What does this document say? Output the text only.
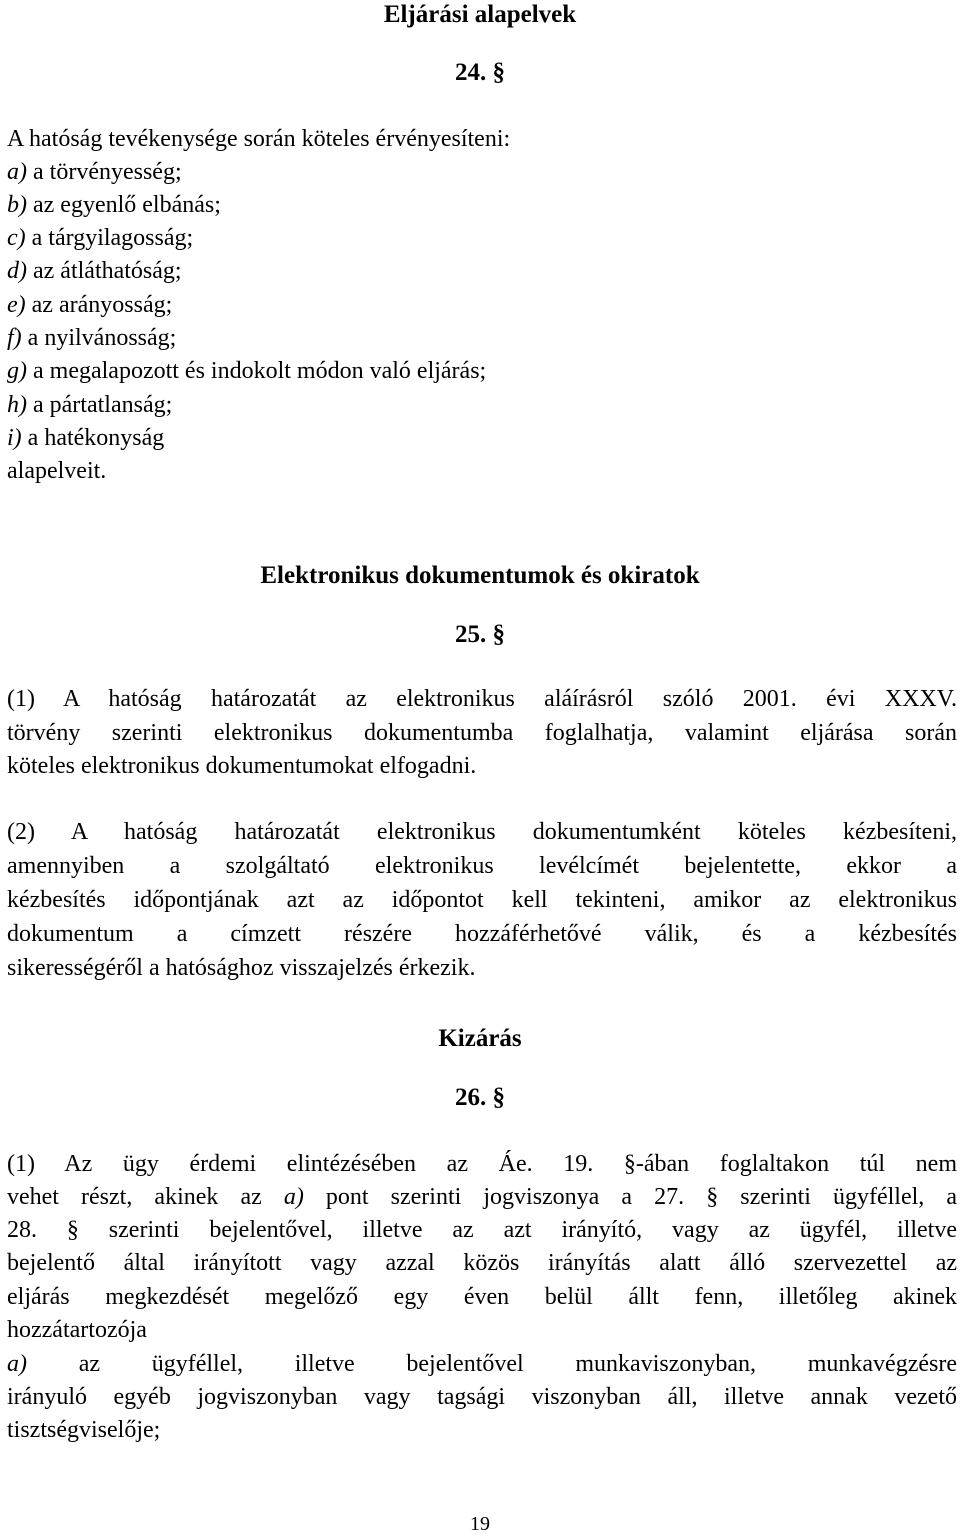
Eljárási alapelvek
24. §
A hatóság tevékenysége során köteles érvényesíteni:
a) a törvényesség;
b) az egyenlő elbánás;
c) a tárgyilagosság;
d) az átláthatóság;
e) az arányosság;
f) a nyilvánosság;
g) a megalapozott és indokolt módon való eljárás;
h) a pártatlanság;
i) a hatékonyság
alapelveit.
Elektronikus dokumentumok és okiratok
25. §
(1) A hatóság határozatát az elektronikus aláírásról szóló 2001. évi XXXV.
törvény szerinti elektronikus dokumentumba foglalhatja, valamint eljárása során
köteles elektronikus dokumentumokat elfogadni.
(2) A hatóság határozatát elektronikus dokumentumként köteles kézbesíteni,
amennyiben a szolgáltató elektronikus levélcímét bejelentette, ekkor a
kézbesítés időpontjának azt az időpontot kell tekinteni, amikor az elektronikus
dokumentum a címzett részére hozzáférhetővé válik, és a kézbesítés
sikerességéről a hatósághoz visszajelzés érkezik.
Kizárás
26. §
(1) Az ügy érdemi elintézésében az Áe. 19. §-ában foglaltakon túl nem
vehet részt, akinek az a) pont szerinti jogviszonya a 27. § szerinti ügyféllel, a
28. § szerinti bejelentővel, illetve az azt irányító, vagy az ügyfél, illetve
bejelentő által irányított vagy azzal közös irányítás alatt álló szervezettel az
eljárás megkezdését megelőző egy éven belül állt fenn, illetőleg akinek
hozzátartozója
a) az ügyféllel, illetve bejelentővel munkaviszonyban, munkavégzésre
irányuló egyéb jogviszonyban vagy tagsági viszonyban áll, illetve annak vezető
tisztségviselője;
19
